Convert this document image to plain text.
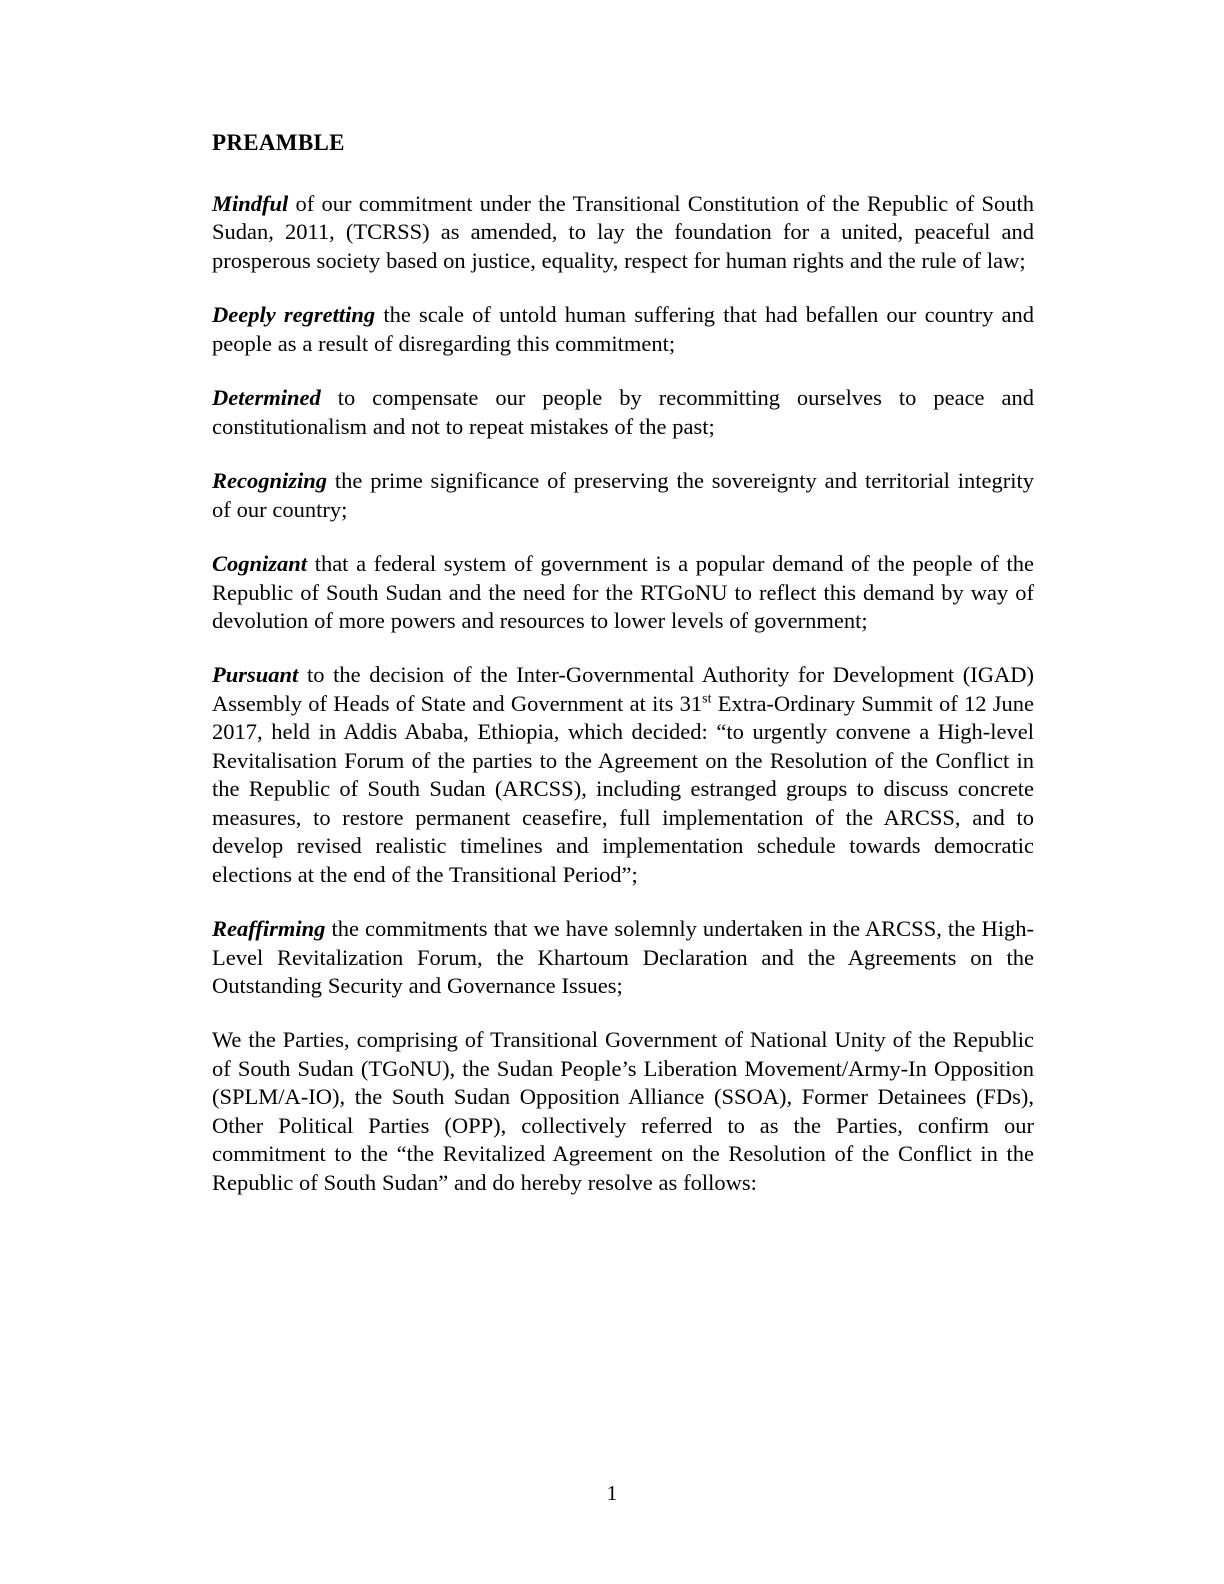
PREAMBLE

Mindful of our commitment under the Transitional Constitution of the Republic of South Sudan, 2011, (TCRSS) as amended, to lay the foundation for a united, peaceful and prosperous society based on justice, equality, respect for human rights and the rule of law;

Deeply regretting the scale of untold human suffering that had befallen our country and people as a result of disregarding this commitment;

Determined to compensate our people by recommitting ourselves to peace and constitutionalism and not to repeat mistakes of the past;

Recognizing the prime significance of preserving the sovereignty and territorial integrity of our country;

Cognizant that a federal system of government is a popular demand of the people of the Republic of South Sudan and the need for the RTGoNU to reflect this demand by way of devolution of more powers and resources to lower levels of government;

Pursuant to the decision of the Inter-Governmental Authority for Development (IGAD) Assembly of Heads of State and Government at its 31st Extra-Ordinary Summit of 12 June 2017, held in Addis Ababa, Ethiopia, which decided: “to urgently convene a High-level Revitalisation Forum of the parties to the Agreement on the Resolution of the Conflict in the Republic of South Sudan (ARCSS), including estranged groups to discuss concrete measures, to restore permanent ceasefire, full implementation of the ARCSS, and to develop revised realistic timelines and implementation schedule towards democratic elections at the end of the Transitional Period”;

Reaffirming the commitments that we have solemnly undertaken in the ARCSS, the High-Level Revitalization Forum, the Khartoum Declaration and the Agreements on the Outstanding Security and Governance Issues;

We the Parties, comprising of Transitional Government of National Unity of the Republic of South Sudan (TGoNU), the Sudan People’s Liberation Movement/Army-In Opposition (SPLM/A-IO), the South Sudan Opposition Alliance (SSOA), Former Detainees (FDs), Other Political Parties (OPP), collectively referred to as the Parties, confirm our commitment to the “the Revitalized Agreement on the Resolution of the Conflict in the Republic of South Sudan” and do hereby resolve as follows:

1
